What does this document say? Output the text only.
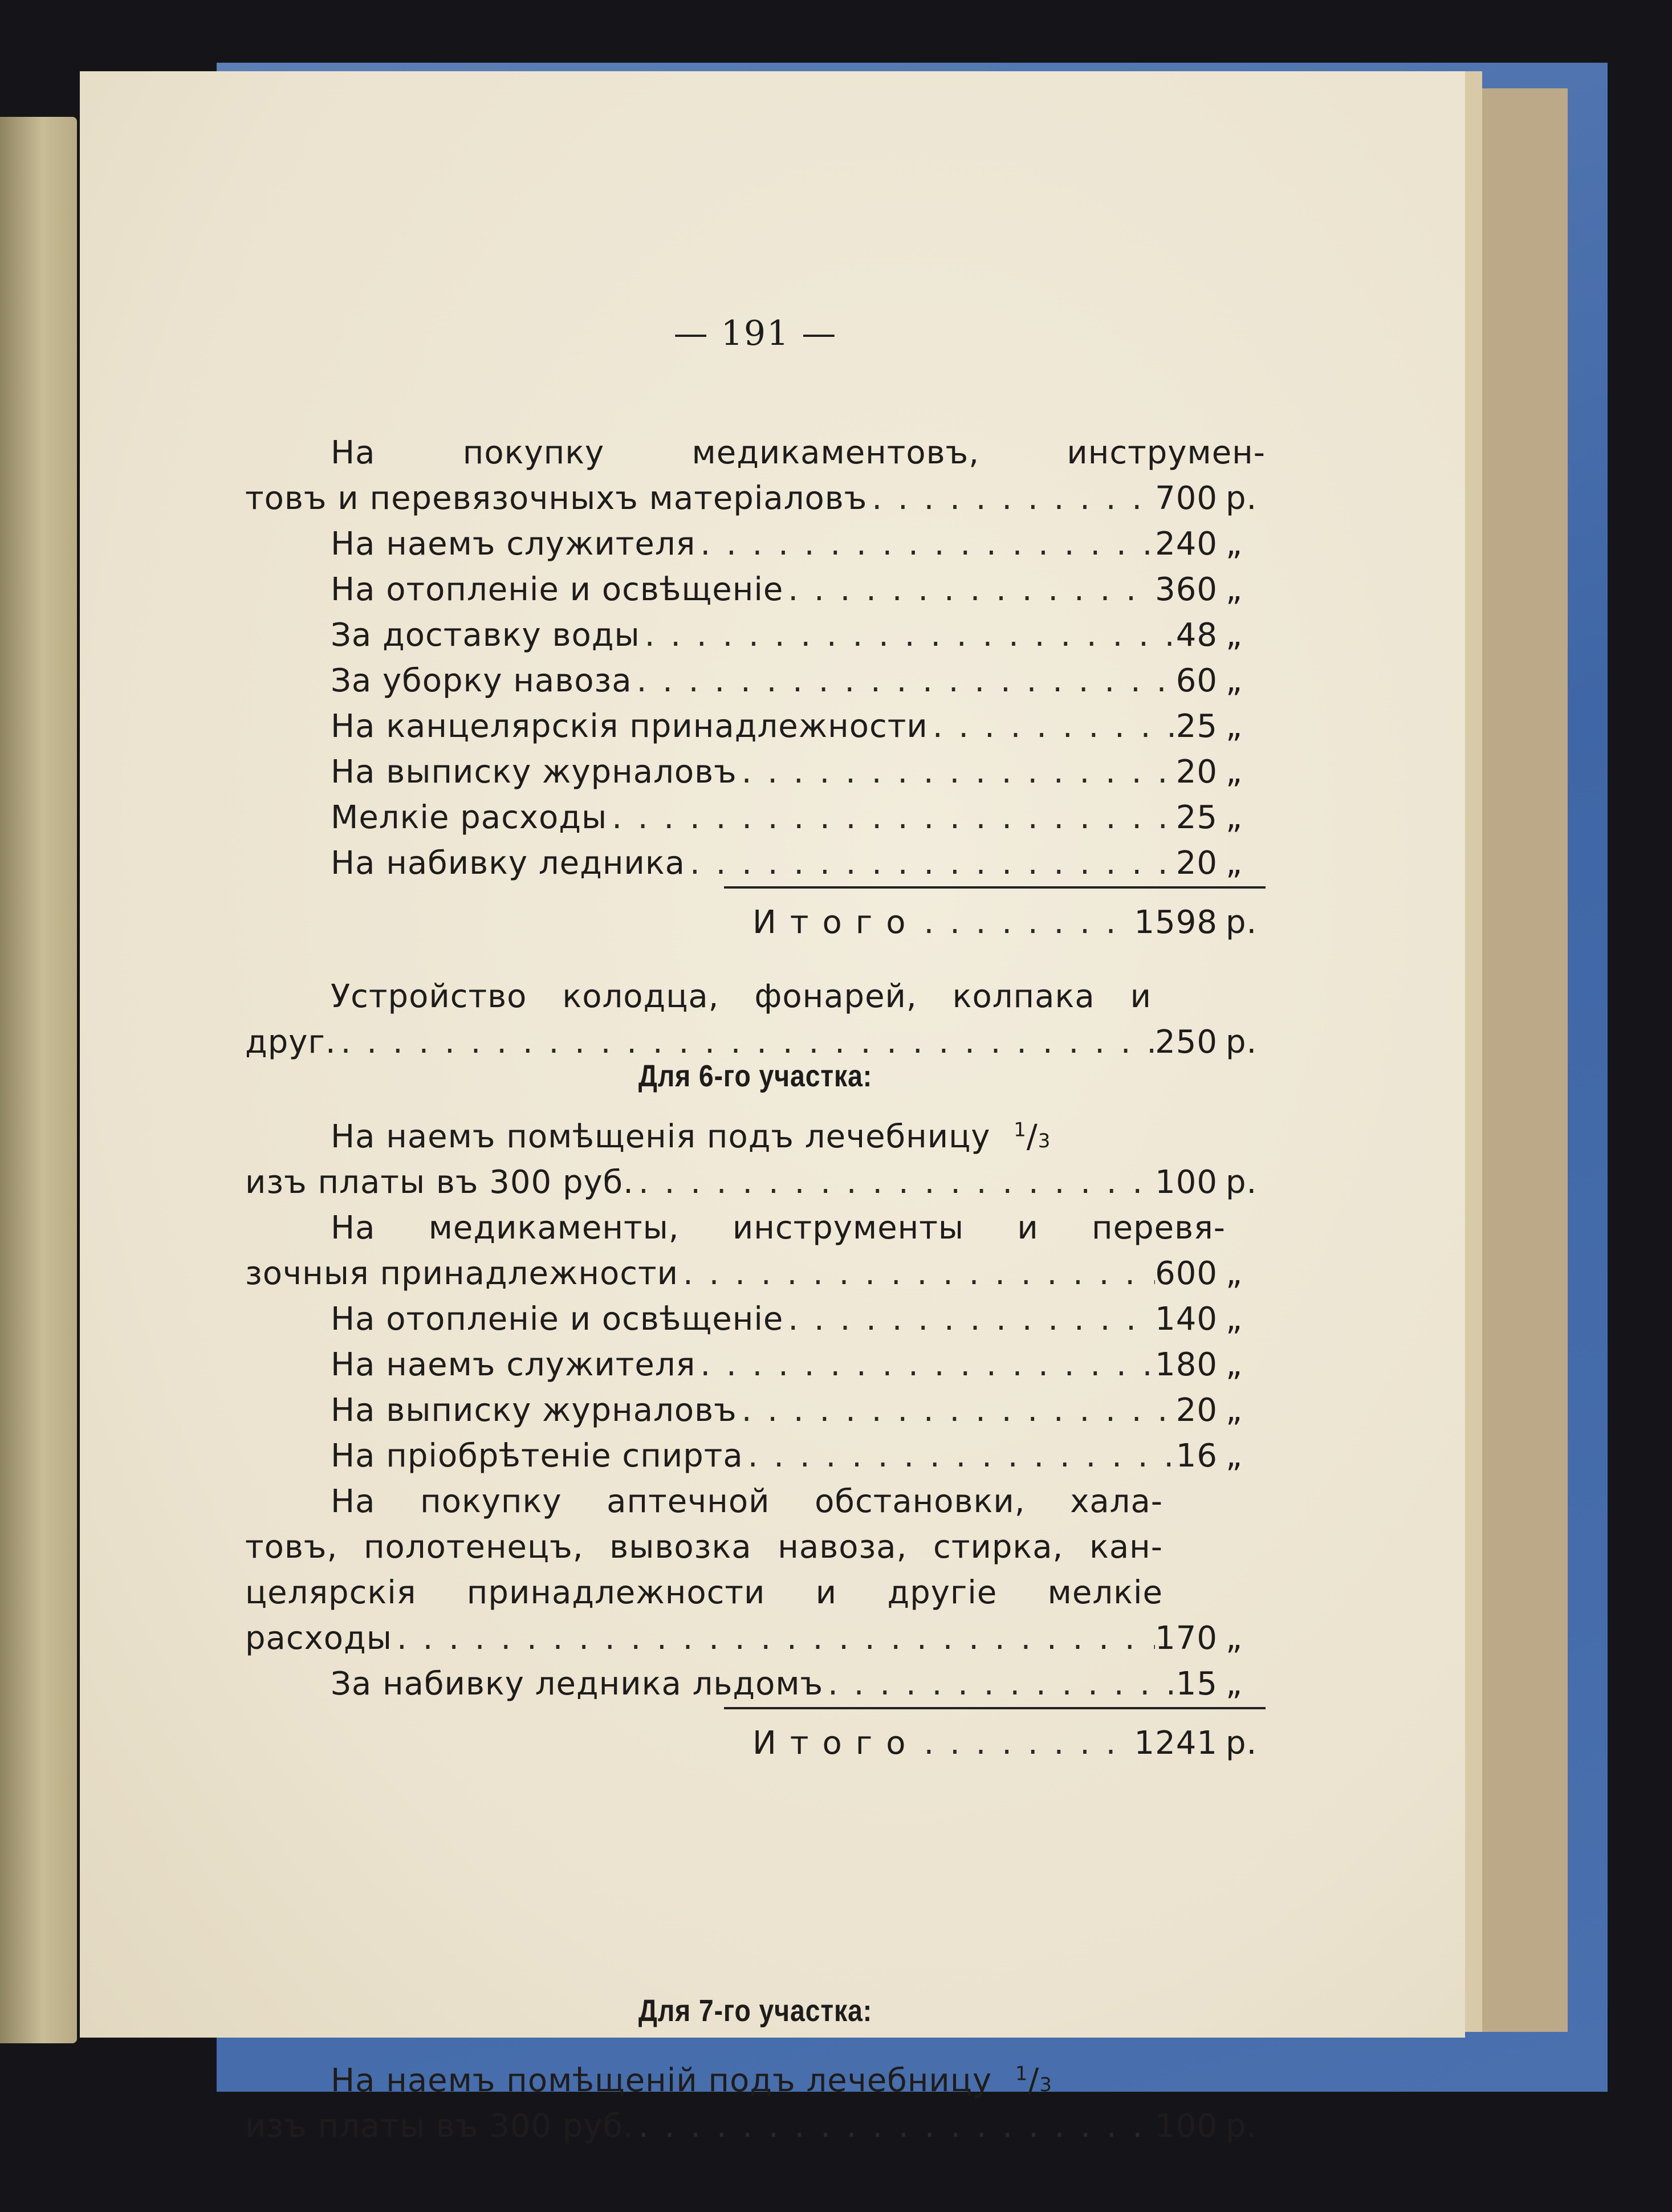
— 191 —
На покупку медикаментовъ, инструмен-
товъ и перевязочныхъ матеріаловъ . . .	700 р.
На наемъ служителя . . .	240 „
На отопленіе и освѣщеніе . . .	360 „
За доставку воды . . .	48 „
За уборку навоза . . .	60 „
На канцелярскія принадлежности . . .	25 „
На выписку журналовъ . . .	20 „
Мелкіе расходы . . .	25 „
На набивку ледника . . .	20 „
Итого . . .	1598 р.
Устройство колодца, фонарей, колпака и
друг. . . .	250 р.
Для 6-го участка:
На наемъ помѣщенія подъ лечебницу $^1$/3
изъ платы въ 300 руб. . . .	100 р.
На медикаменты, инструменты и перевя-
зочныя принадлежности . . .	600 „
На отопленіе и освѣщеніе . . .	140 „
На наемъ служителя . . .	180 „
На выписку журналовъ . . .	20 „
На пріобрѣтеніе спирта . . .	16 „
На покупку аптечной обстановки, хала-
товъ, полотенецъ, вывозка навоза, стирка, кан-
целярскія принадлежности и другіе мелкіе
расходы . . .	170 „
За набивку ледника льдомъ . . .	15 „
Итого . . .	1241 р.
Для 7-го участка:
На наемъ помѣщеній подъ лечебницу $^1$/3
изъ платы въ 300 руб. . . .	100 р.
